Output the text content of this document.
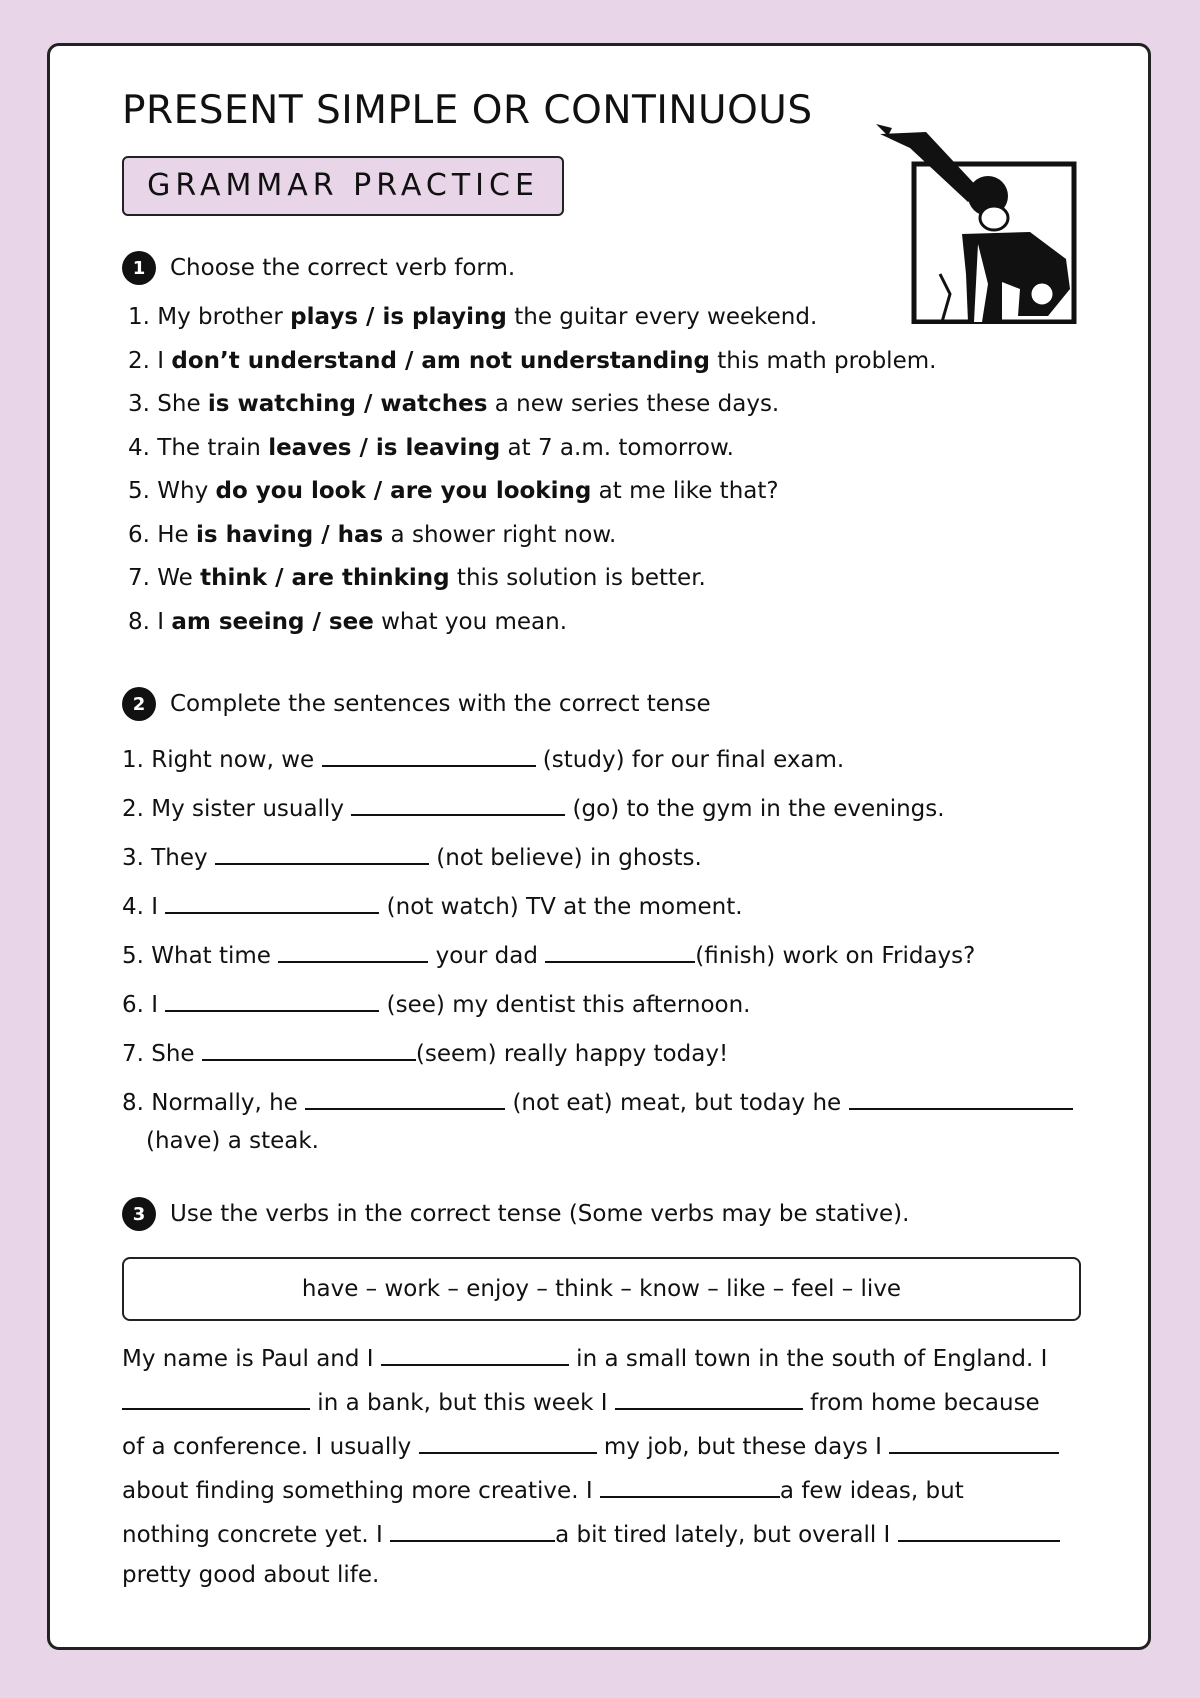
PRESENT SIMPLE OR CONTINUOUS
GRAMMAR PRACTICE
1	Choose the correct verb form.
1. My brother plays / is playing the guitar every weekend.
2. I don’t understand / am not understanding this math problem.
3. She is watching / watches a new series these days.
4. The train leaves / is leaving at 7 a.m. tomorrow.
5. Why do you look / are you looking at me like that?
6. He is having / has a shower right now.
7. We think / are thinking this solution is better.
8. I am seeing / see what you mean.
2	Complete the sentences with the correct tense
1. Right now, we	(study) for our final exam.
2. My sister usually	(go) to the gym in the evenings.
3. They	(not believe) in ghosts.
4. I	(not watch) TV at the moment.
5. What time	your dad	(finish) work on Fridays?
6. I	(see) my dentist this afternoon.
7. She	(seem) really happy today!
8. Normally, he	(not eat) meat, but today he
(have) a steak.
3	Use the verbs in the correct tense (Some verbs may be stative).
have – work – enjoy – think – know – like – feel – live
My name is Paul and I	in a small town in the south of England. I
in a bank, but this week I	from home because
of a conference. I usually	my job, but these days I
about finding something more creative. I	a few ideas, but
nothing concrete yet. I	a bit tired lately, but overall I
pretty good about life.
